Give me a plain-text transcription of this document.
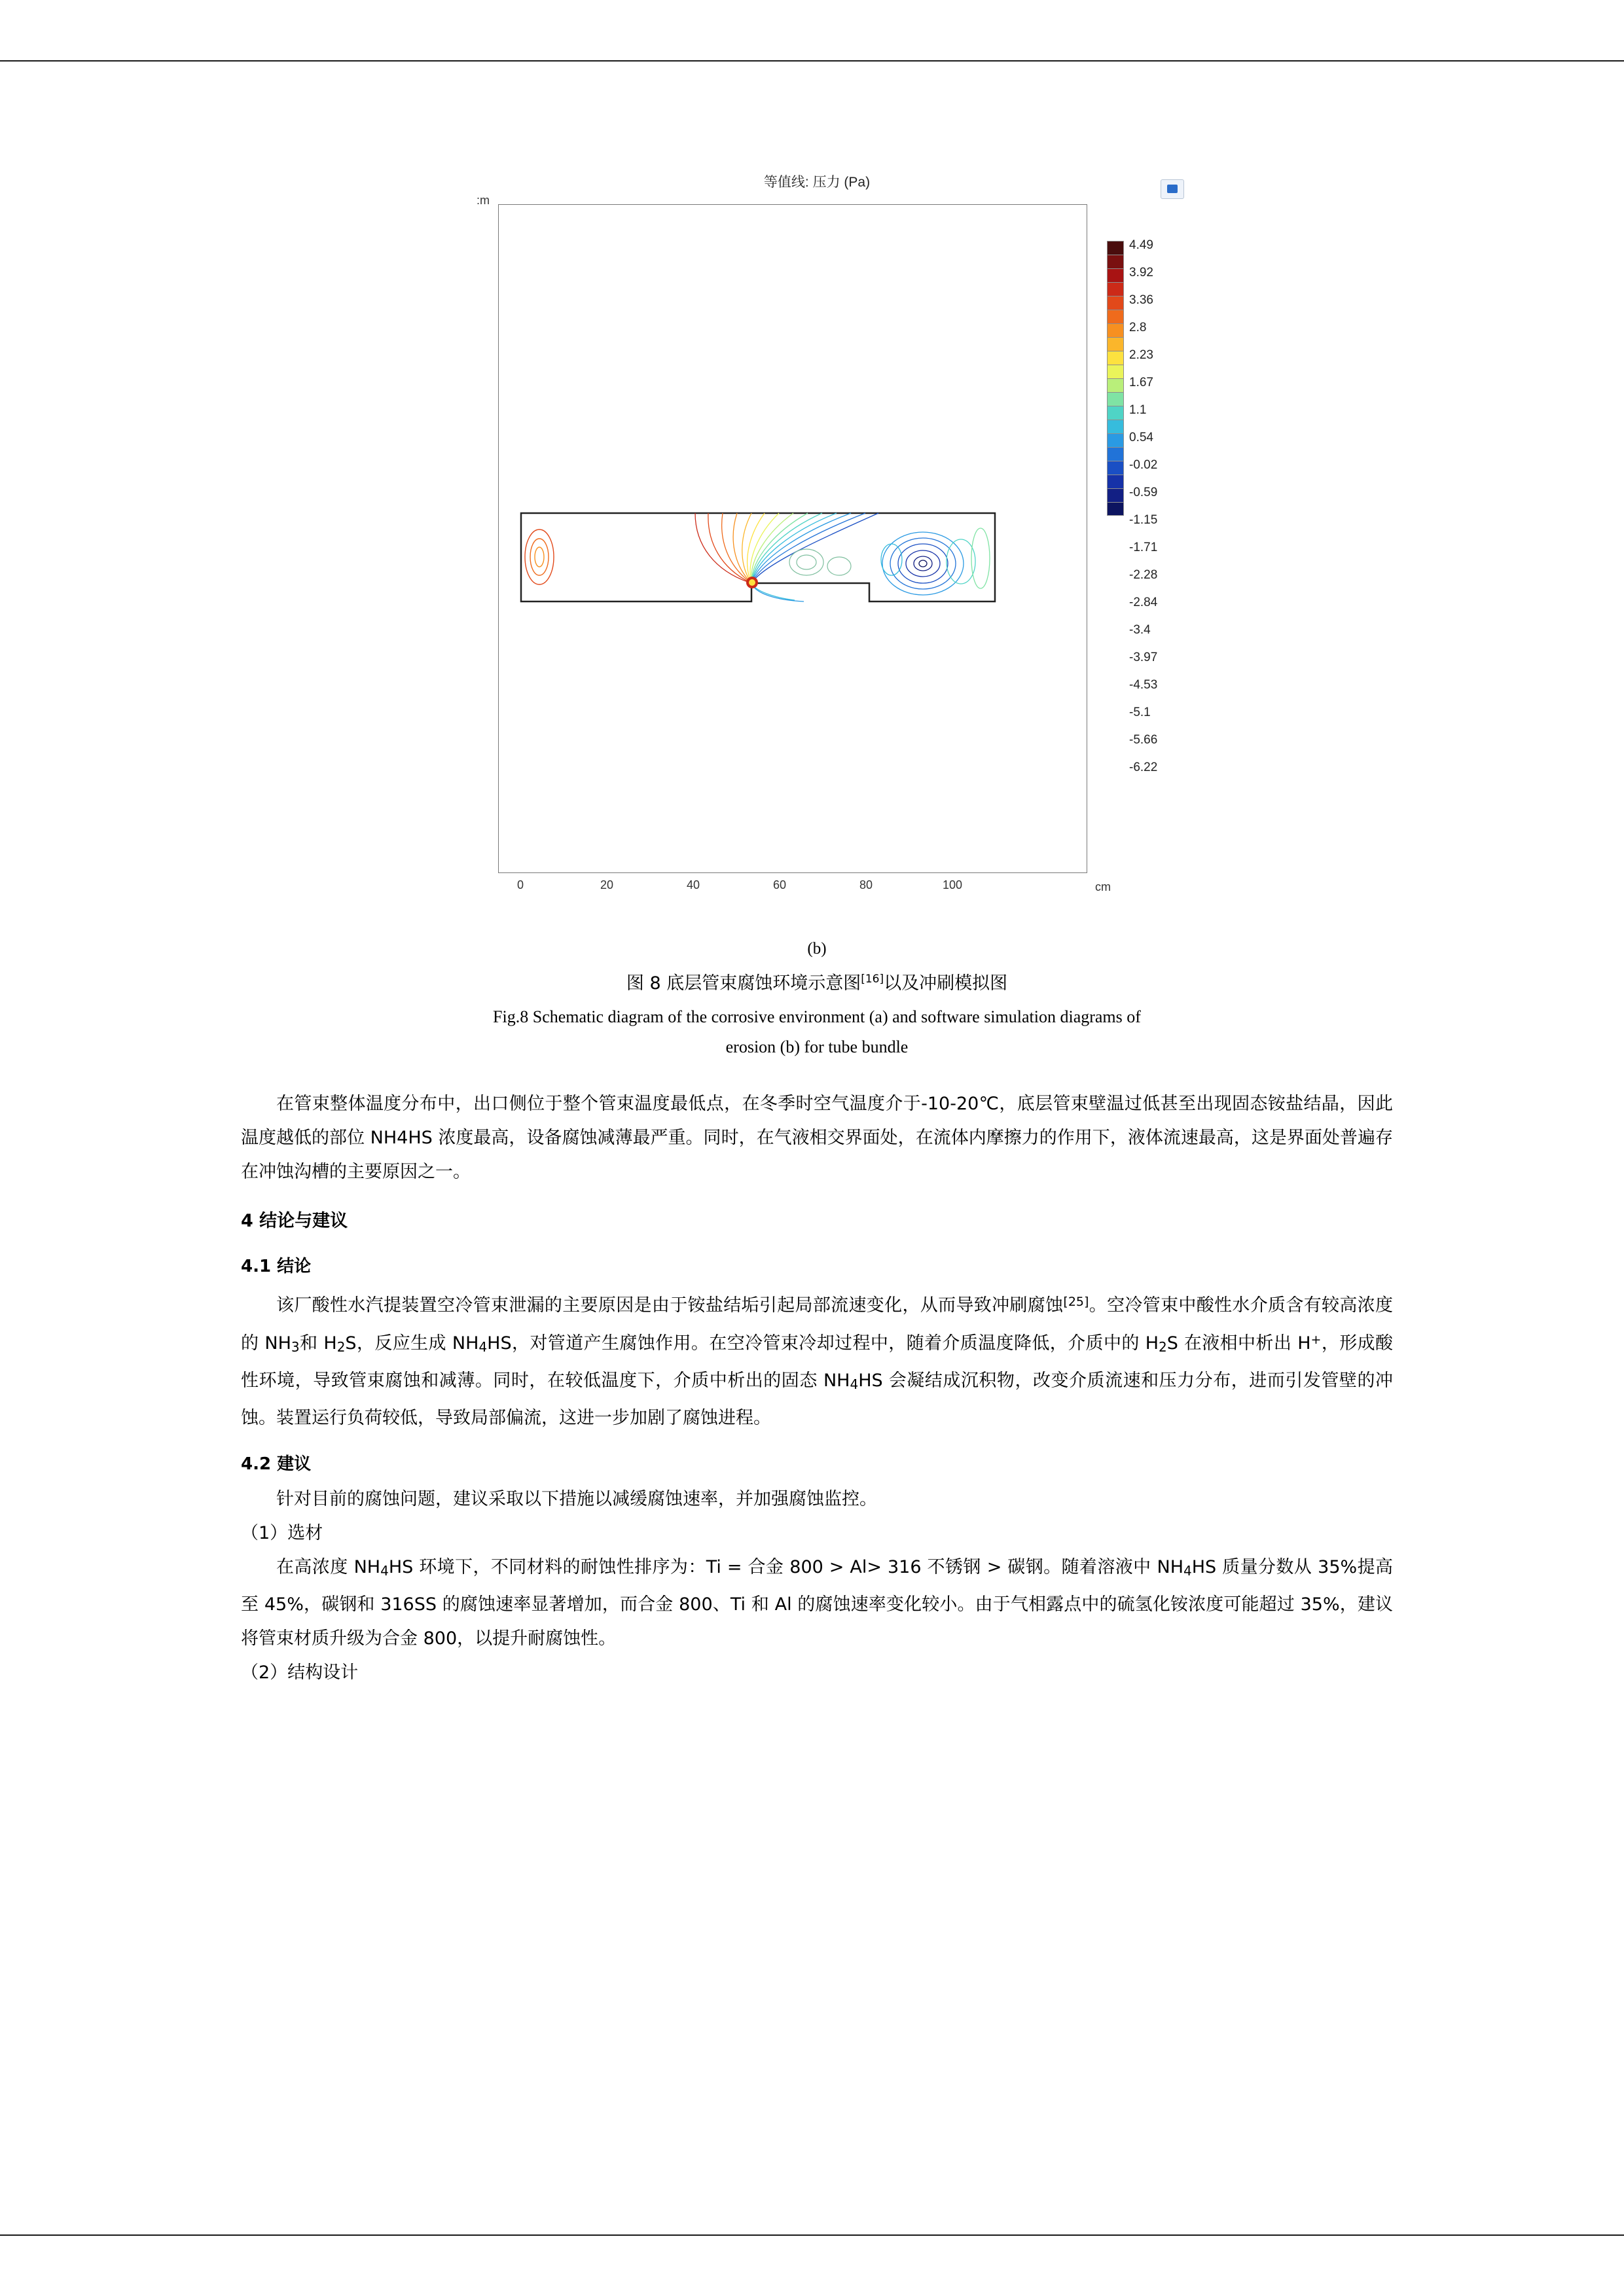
等值线: 压力 (Pa)
:m
cm
0	20	40	60	80	100
4.49
3.92
3.36
2.8
2.23
1.67
1.1
0.54
-0.02
-0.59
-1.15
-1.71
-2.28
-2.84
-3.4
-3.97
-4.53
-5.1
-5.66
-6.22
(b)
图 8 底层管束腐蚀环境示意图[16]以及冲刷模拟图
Fig.8 Schematic diagram of the corrosive environment (a) and software simulation diagrams of
erosion (b) for tube bundle

在管束整体温度分布中，出口侧位于整个管束温度最低点，在冬季时空气温度介于-10-20℃，底层管束壁温过低甚至出现固态铵盐结晶，因此温度越低的部位 NH4HS 浓度最高，设备腐蚀减薄最严重。同时，在气液相交界面处，在流体内摩擦力的作用下，液体流速最高，这是界面处普遍存在冲蚀沟槽的主要原因之一。

4 结论与建议
4.1 结论

该厂酸性水汽提装置空冷管束泄漏的主要原因是由于铵盐结垢引起局部流速变化，从而导致冲刷腐蚀[25]。空冷管束中酸性水介质含有较高浓度的 $NH_3$和 $H_2S$，反应生成 $NH_4HS$，对管道产生腐蚀作用。在空冷管束冷却过程中，随着介质温度降低，介质中的 $H_2S$ 在液相中析出 H+，形成酸性环境，导致管束腐蚀和减薄。同时，在较低温度下，介质中析出的固态 $NH_4HS$ 会凝结成沉积物，改变介质流速和压力分布，进而引发管壁的冲蚀。装置运行负荷较低，导致局部偏流，这进一步加剧了腐蚀进程。

4.2 建议

针对目前的腐蚀问题，建议采取以下措施以减缓腐蚀速率，并加强腐蚀监控。

（1）选材

在高浓度 $NH_4HS$ 环境下，不同材料的耐蚀性排序为：Ti = 合金 800 > Al> 316 不锈钢 > 碳钢。随着溶液中 $NH_4HS$ 质量分数从 35%提高至 45%，碳钢和 316SS 的腐蚀速率显著增加，而合金 800、Ti 和 Al 的腐蚀速率变化较小。由于气相露点中的硫氢化铵浓度可能超过 35%，建议将管束材质升级为合金 800，以提升耐腐蚀性。

（2）结构设计
